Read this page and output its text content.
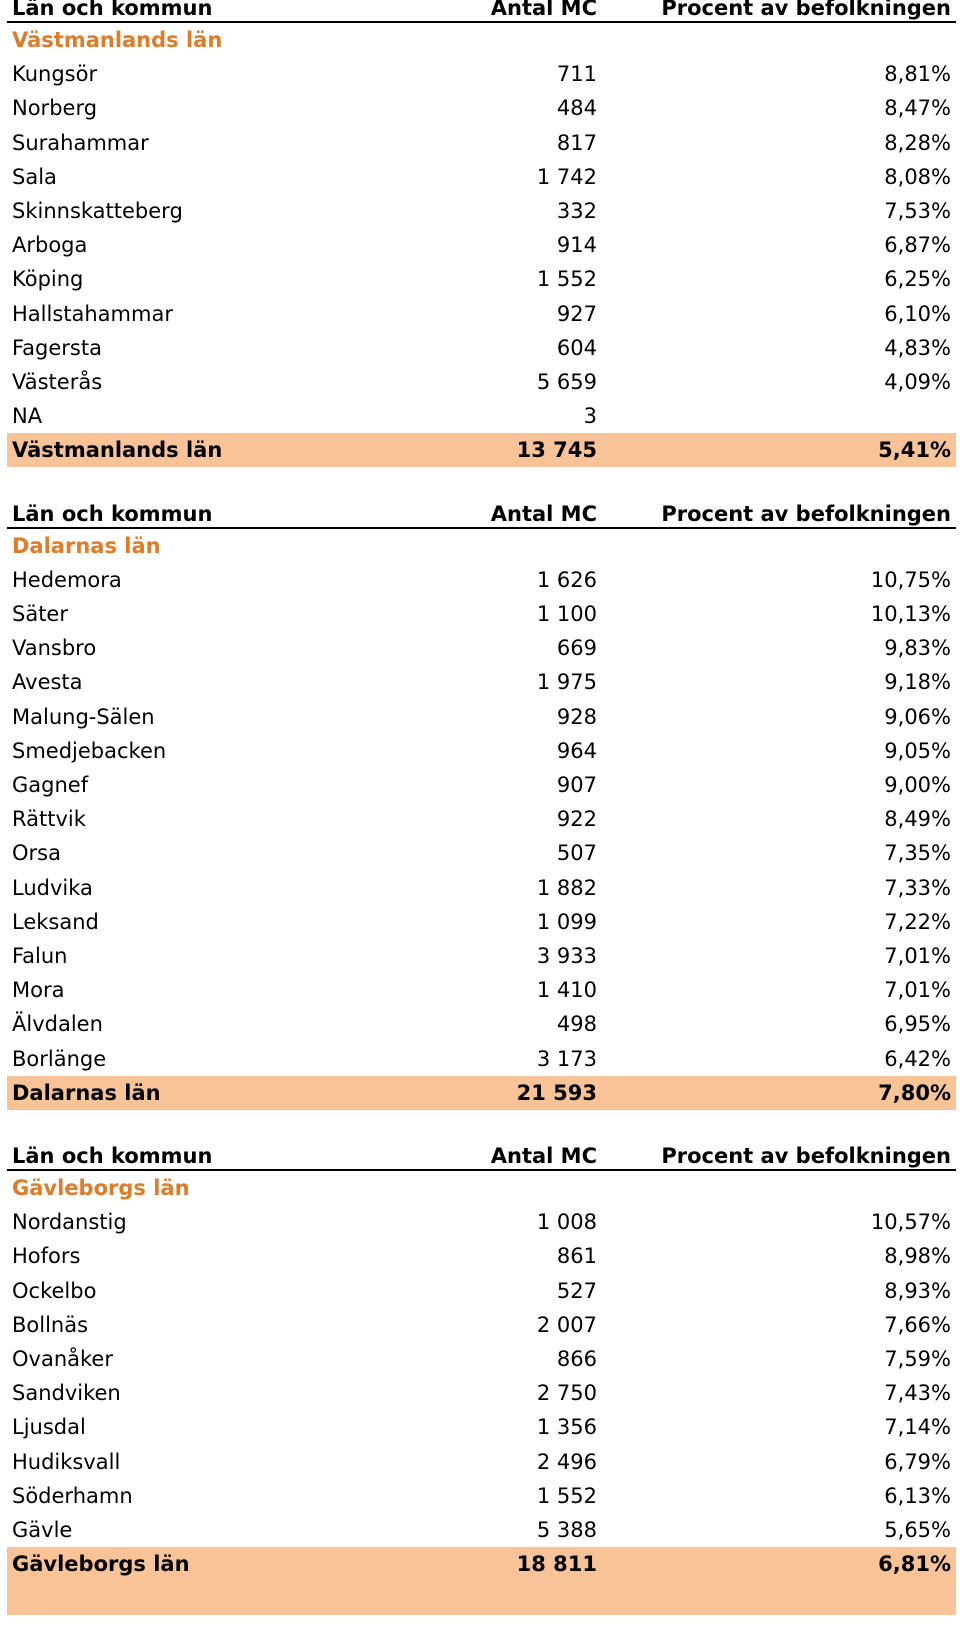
Län och kommun	Antal MC	Procent av befolkningen
Västmanlands län
Kungsör	711	8,81%
Norberg	484	8,47%
Surahammar	817	8,28%
Sala	1 742	8,08%
Skinnskatteberg	332	7,53%
Arboga	914	6,87%
Köping	1 552	6,25%
Hallstahammar	927	6,10%
Fagersta	604	4,83%
Västerås	5 659	4,09%
NA	3
Västmanlands län	13 745	5,41%
Län och kommun	Antal MC	Procent av befolkningen
Dalarnas län
Hedemora	1 626	10,75%
Säter	1 100	10,13%
Vansbro	669	9,83%
Avesta	1 975	9,18%
Malung-Sälen	928	9,06%
Smedjebacken	964	9,05%
Gagnef	907	9,00%
Rättvik	922	8,49%
Orsa	507	7,35%
Ludvika	1 882	7,33%
Leksand	1 099	7,22%
Falun	3 933	7,01%
Mora	1 410	7,01%
Älvdalen	498	6,95%
Borlänge	3 173	6,42%
Dalarnas län	21 593	7,80%
Län och kommun	Antal MC	Procent av befolkningen
Gävleborgs län
Nordanstig	1 008	10,57%
Hofors	861	8,98%
Ockelbo	527	8,93%
Bollnäs	2 007	7,66%
Ovanåker	866	7,59%
Sandviken	2 750	7,43%
Ljusdal	1 356	7,14%
Hudiksvall	2 496	6,79%
Söderhamn	1 552	6,13%
Gävle	5 388	5,65%
Gävleborgs län	18 811	6,81%
